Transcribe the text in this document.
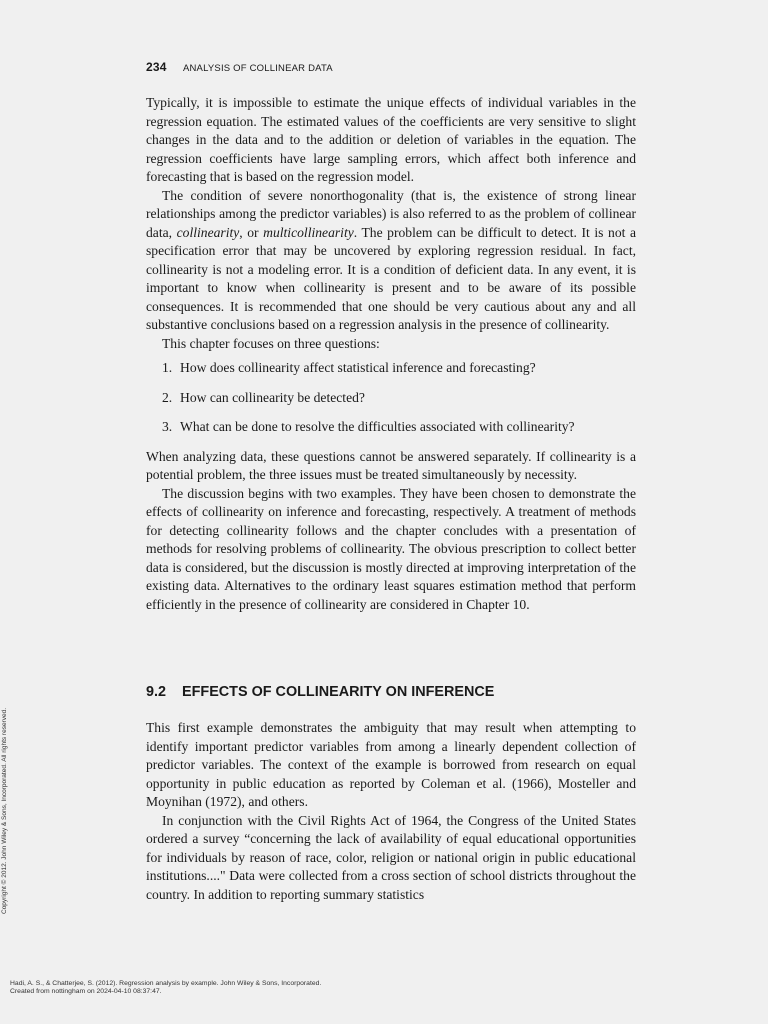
234 ANALYSIS OF COLLINEAR DATA

Typically, it is impossible to estimate the unique effects of individual variables in the regression equation. The estimated values of the coefficients are very sensitive to slight changes in the data and to the addition or deletion of variables in the equation. The regression coefficients have large sampling errors, which affect both inference and forecasting that is based on the regression model.

The condition of severe nonorthogonality (that is, the existence of strong linear relationships among the predictor variables) is also referred to as the problem of collinear data, collinearity, or multicollinearity. The problem can be difficult to detect. It is not a specification error that may be uncovered by exploring regression residual. In fact, collinearity is not a modeling error. It is a condition of deficient data. In any event, it is important to know when collinearity is present and to be aware of its possible consequences. It is recommended that one should be very cautious about any and all substantive conclusions based on a regression analysis in the presence of collinearity.

This chapter focuses on three questions:

1. How does collinearity affect statistical inference and forecasting?
2. How can collinearity be detected?
3. What can be done to resolve the difficulties associated with collinearity?

When analyzing data, these questions cannot be answered separately. If collinearity is a potential problem, the three issues must be treated simultaneously by necessity.

The discussion begins with two examples. They have been chosen to demonstrate the effects of collinearity on inference and forecasting, respectively. A treatment of methods for detecting collinearity follows and the chapter concludes with a presentation of methods for resolving problems of collinearity. The obvious prescription to collect better data is considered, but the discussion is mostly directed at improving interpretation of the existing data. Alternatives to the ordinary least squares estimation method that perform efficiently in the presence of collinearity are considered in Chapter 10.

9.2 EFFECTS OF COLLINEARITY ON INFERENCE

This first example demonstrates the ambiguity that may result when attempting to identify important predictor variables from among a linearly dependent collection of predictor variables. The context of the example is borrowed from research on equal opportunity in public education as reported by Coleman et al. (1966), Mosteller and Moynihan (1972), and others.

In conjunction with the Civil Rights Act of 1964, the Congress of the United States ordered a survey “concerning the lack of availability of equal educational opportunities for individuals by reason of race, color, religion or national origin in public educational institutions...." Data were collected from a cross section of school districts throughout the country. In addition to reporting summary statistics

Copyright © 2012. John Wiley & Sons, Incorporated. All rights reserved.
Hadi, A. S., & Chatterjee, S. (2012). Regression analysis by example. John Wiley & Sons, Incorporated.
Created from nottingham on 2024-04-10 08:37:47.
